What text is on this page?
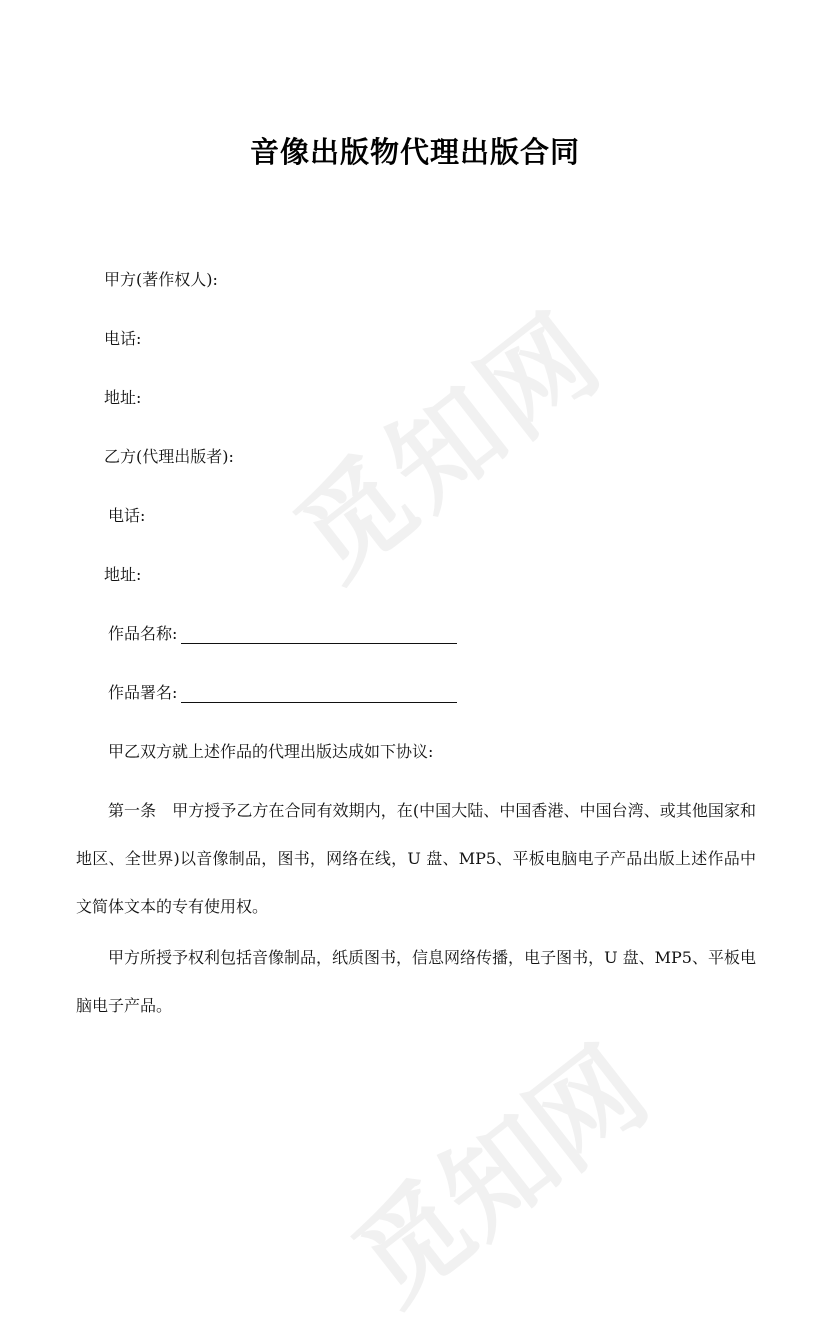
觅知网
觅知网
音像出版物代理出版合同
甲方(著作权人):
电话:
地址:
乙方(代理出版者):
电话:
地址:
作品名称:
作品署名:
甲乙双方就上述作品的代理出版达成如下协议:
第一条　甲方授予乙方在合同有效期内，在(中国大陆、中国香港、中国台湾、或其他国家和地区、全世界)以音像制品，图书，网络在线，U 盘、MP5、平板电脑电子产品出版上述作品中文简体文本的专有使用权。
甲方所授予权利包括音像制品，纸质图书，信息网络传播，电子图书，U 盘、MP5、平板电脑电子产品。
